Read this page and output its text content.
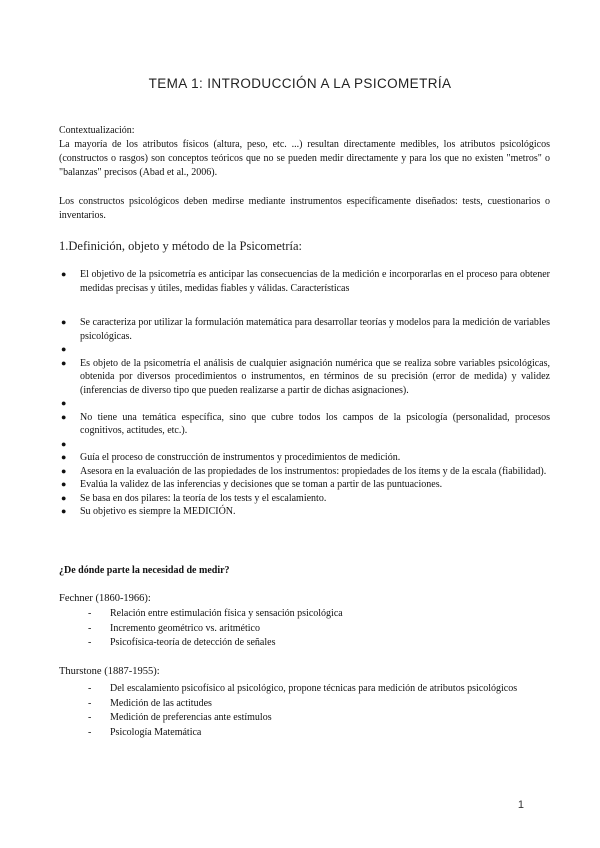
TEMA 1: INTRODUCCIÓN A LA PSICOMETRÍA
Contextualización:
La mayoría de los atributos físicos (altura, peso, etc. ...) resultan directamente medibles, los atributos psicológicos (constructos o rasgos) son conceptos teóricos que no se pueden medir directamente y para los que no existen "metros" o "balanzas" precisos (Abad et al., 2006).
Los constructos psicológicos deben medirse mediante instrumentos específicamente diseñados: tests, cuestionarios o inventarios.
1.Definición, objeto y método de la Psicometría:
● El objetivo de la psicometría es anticipar las consecuencias de la medición e incorporarlas en el proceso para obtener medidas precisas y útiles, medidas fiables y válidas. Características
● Se caracteriza por utilizar la formulación matemática para desarrollar teorías y modelos para la medición de variables psicológicas.
●

● Es objeto de la psicometría el análisis de cualquier asignación numérica que se realiza sobre variables psicológicas, obtenida por diversos procedimientos o instrumentos, en términos de su precisión (error de medida) y validez (inferencias de diverso tipo que pueden realizarse a partir de dichas asignaciones).
●

● No tiene una temática específica, sino que cubre todos los campos de la psicología (personalidad, procesos cognitivos, actitudes, etc.).
●

● Guía el proceso de construcción de instrumentos y procedimientos de medición.
● Asesora en la evaluación de las propiedades de los instrumentos: propiedades de los ítems y de la escala (fiabilidad).
● Evalúa la validez de las inferencias y decisiones que se toman a partir de las puntuaciones.
● Se basa en dos pilares: la teoría de los tests y el escalamiento.
● Su objetivo es siempre la MEDICIÓN.
¿De dónde parte la necesidad de medir?
Fechner (1860-1966):
- Relación entre estimulación física y sensación psicológica
- Incremento geométrico vs. aritmético
- Psicofísica-teoría de detección de señales
Thurstone (1887-1955):
- Del escalamiento psicofísico al psicológico, propone técnicas para medición de atributos psicológicos
- Medición de las actitudes
- Medición de preferencias ante estímulos
- Psicología Matemática
1
